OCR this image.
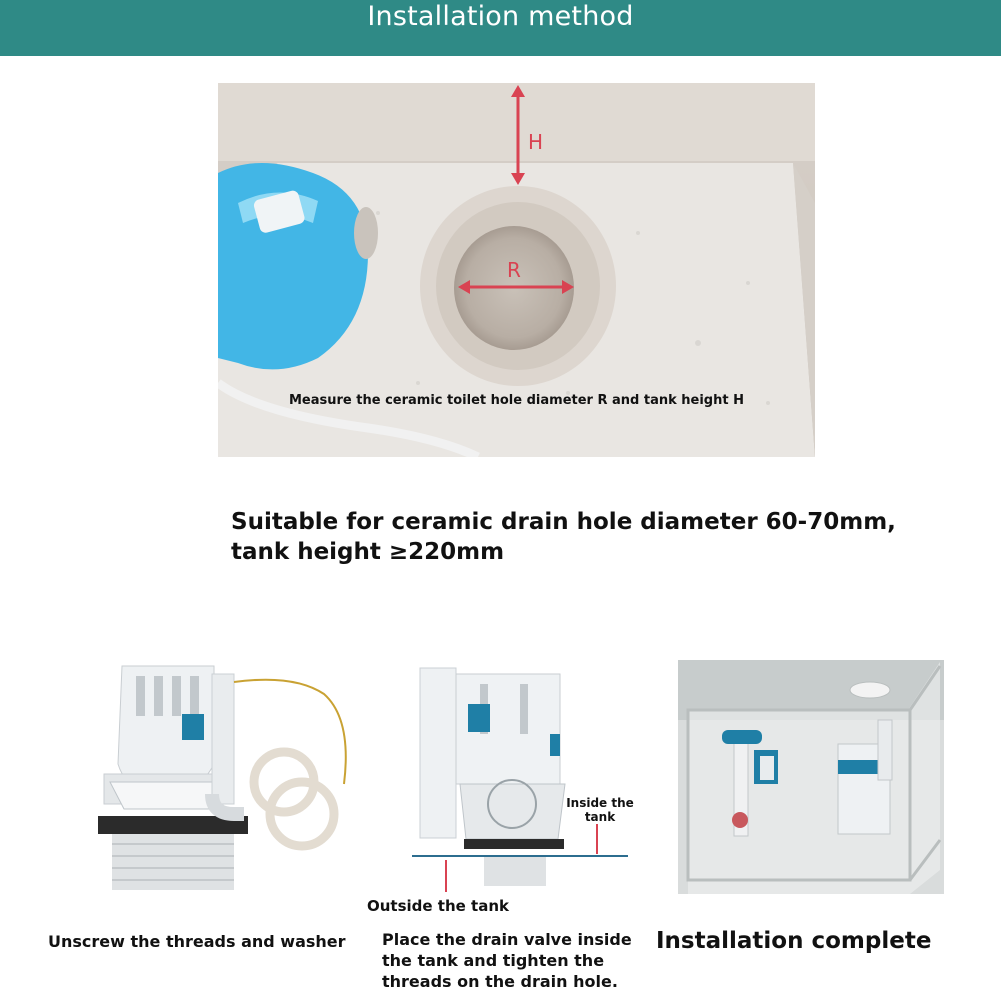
Installation method
H
R
Measure the ceramic toilet hole diameter R and tank height H
Suitable for ceramic drain hole diameter 60-70mm,
tank height ≥220mm
Inside the tank
Outside the tank
Unscrew the threads and washer Place the drain valve inside the tank and tighten the threads on the drain hole.
Installation complete
